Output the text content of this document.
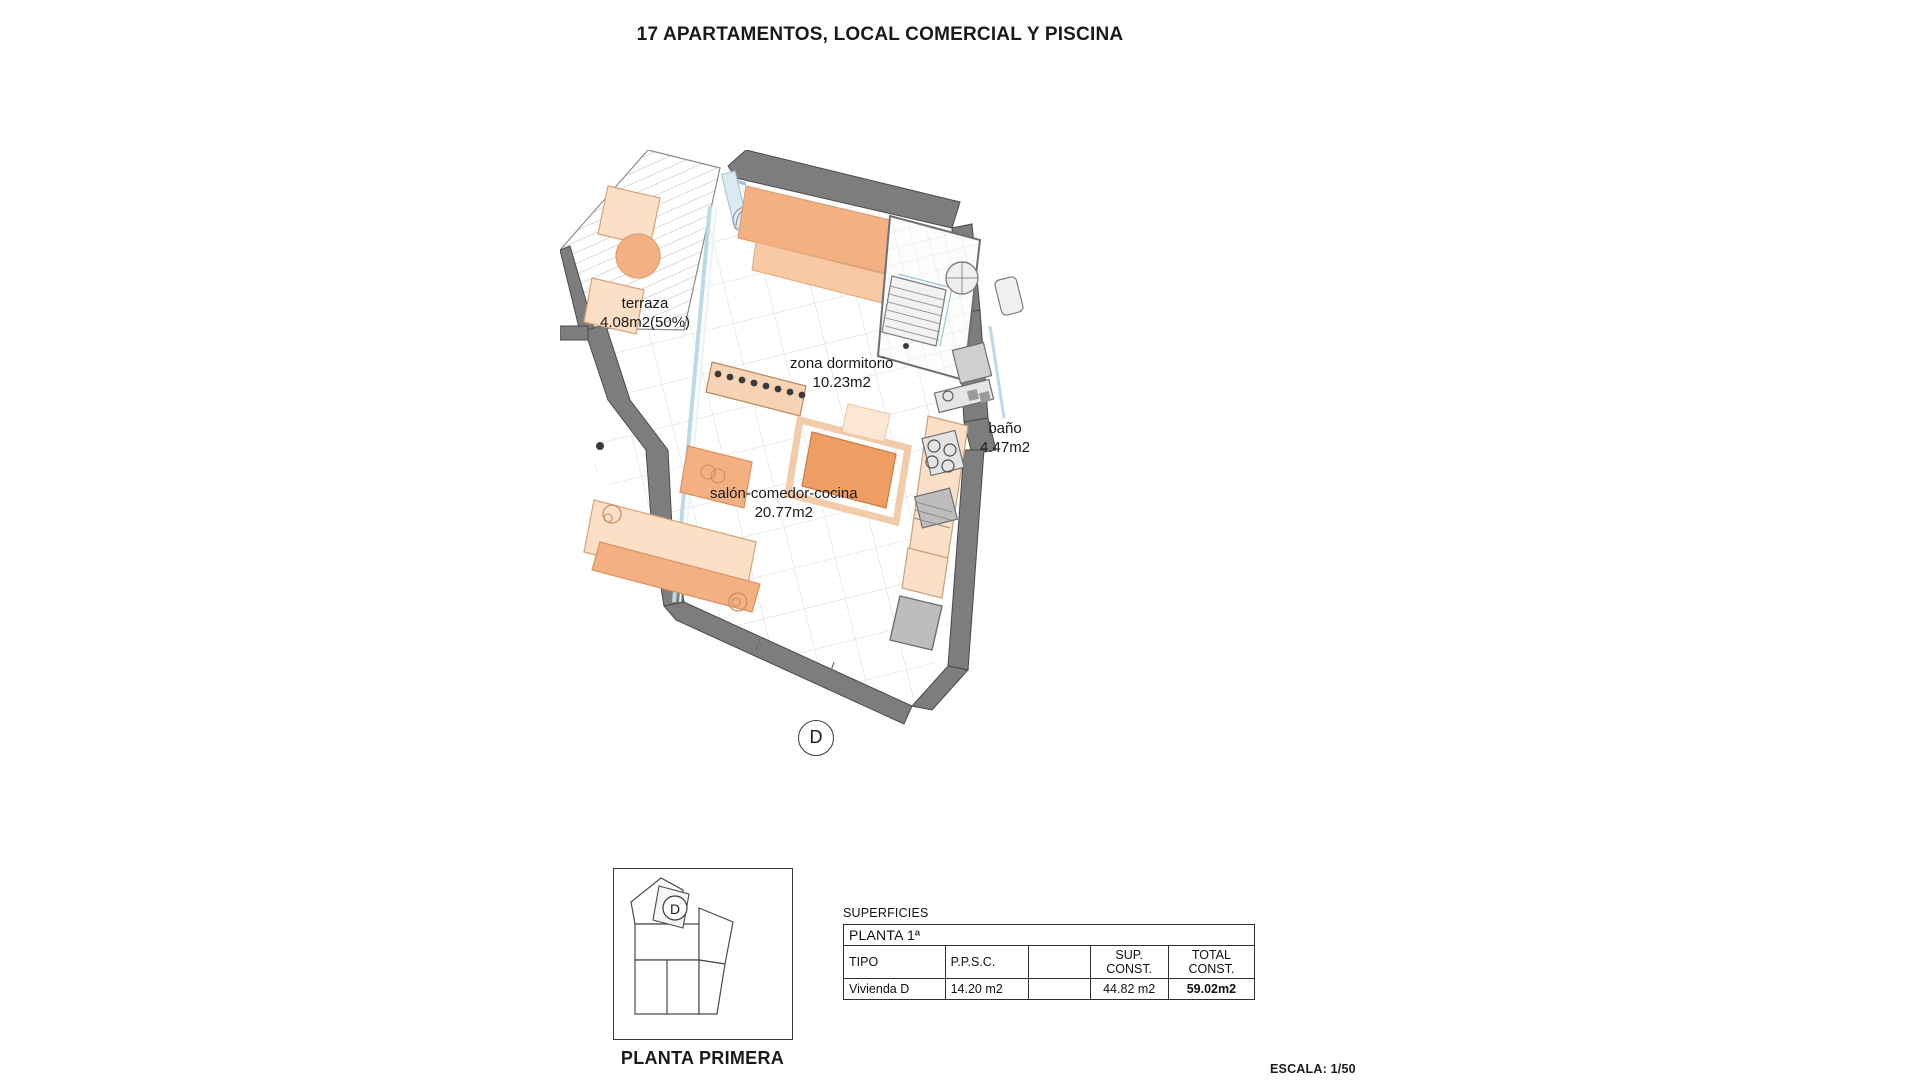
17 APARTAMENTOS, LOCAL COMERCIAL Y PISCINA
terraza
4.08m2(50%)
zona dormitorio
10.23m2
baño
4.47m2
salón-comedor-cocina
20.77m2
D
D
PLANTA PRIMERA
SUPERFICIES
PLANTA 1ª				
TIPO	P.P.S.C.		SUP. CONST.	TOTAL CONST.
Vivienda D	14.20 m2		44.82 m2	59.02m2
ESCALA: 1/50
